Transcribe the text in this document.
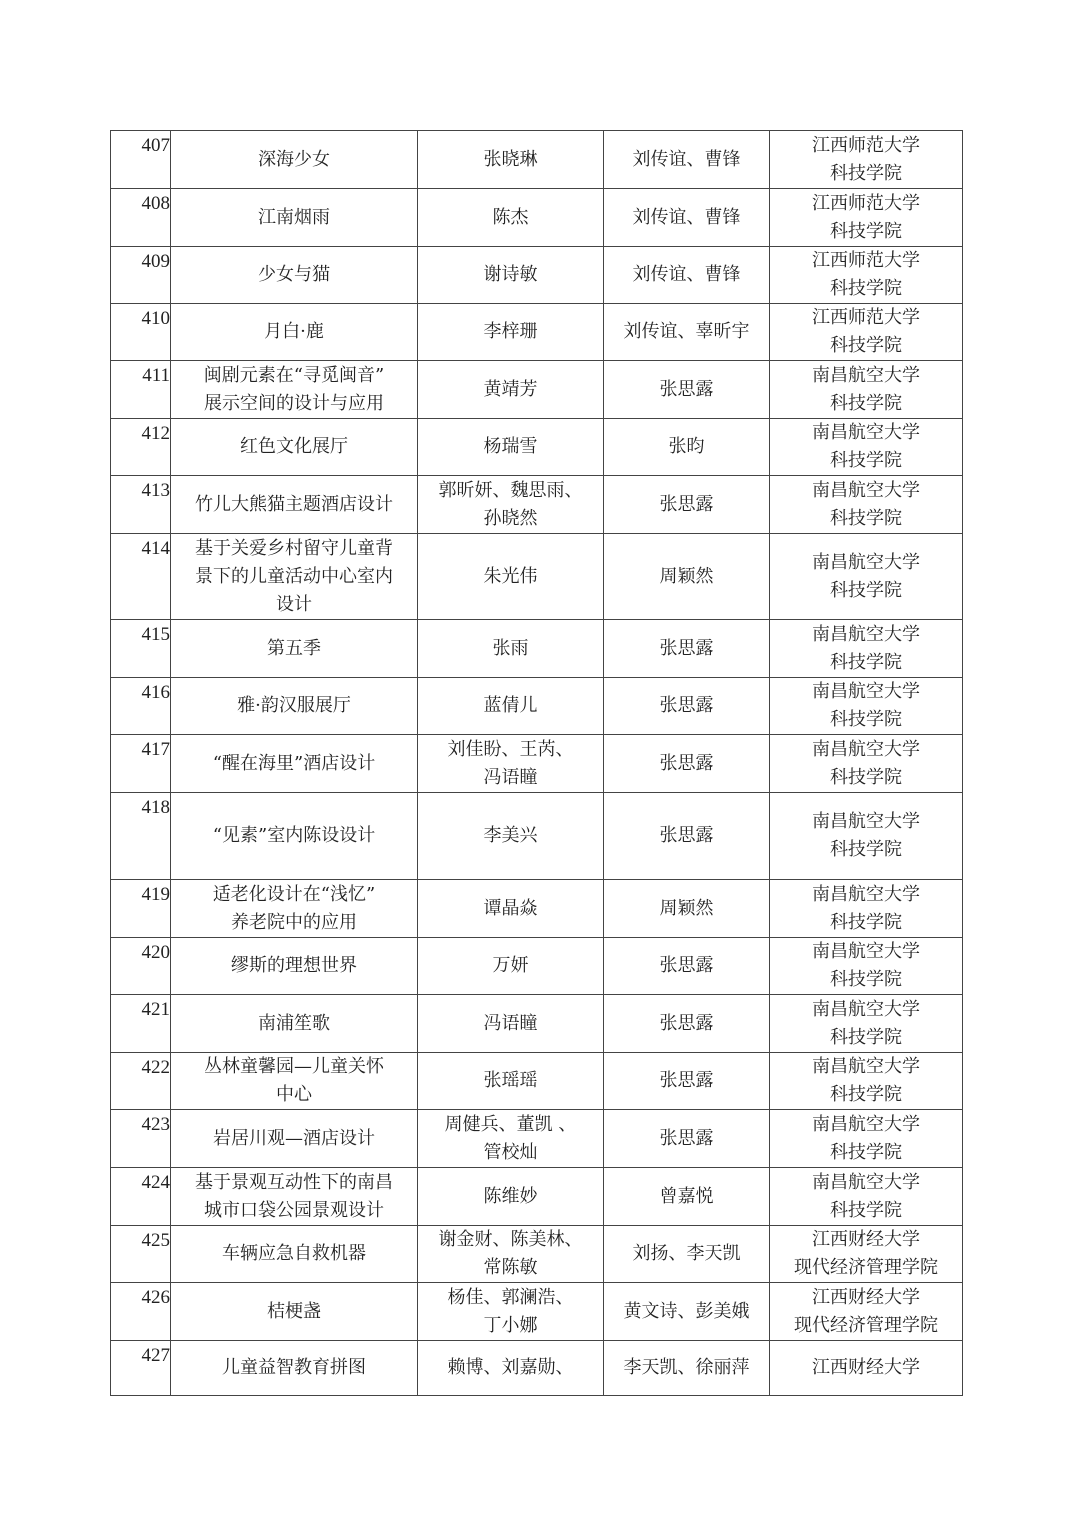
407	深海少女	张晓琳	刘传谊、曹锋	江西师范大学
科技学院

408	江南烟雨	陈杰	刘传谊、曹锋	江西师范大学
科技学院

409	少女与猫	谢诗敏	刘传谊、曹锋	江西师范大学
科技学院

410	月白·鹿	李梓珊	刘传谊、辜昕宇	江西师范大学
科技学院

411	闽剧元素在“寻觅闽音”
展示空间的设计与应用	黄靖芳	张思露	南昌航空大学
科技学院

412	红色文化展厅	杨瑞雪	张昀	南昌航空大学
科技学院

413	竹儿大熊猫主题酒店设计	郭昕妍、魏思雨、
孙晓然	张思露	南昌航空大学
科技学院

414	基于关爱乡村留守儿童背
景下的儿童活动中心室内
设计	朱光伟	周颖然	南昌航空大学
科技学院

415	第五季	张雨	张思露	南昌航空大学
科技学院

416	雅·韵汉服展厅	蓝倩儿	张思露	南昌航空大学
科技学院

417	“醒在海里”酒店设计	刘佳盼、王芮、
冯语瞳	张思露	南昌航空大学
科技学院

418	“见素”室内陈设设计	李美兴	张思露	南昌航空大学
科技学院

419	适老化设计在“浅忆”
养老院中的应用	谭晶焱	周颖然	南昌航空大学
科技学院

420	缪斯的理想世界	万妍	张思露	南昌航空大学
科技学院

421	南浦笙歌	冯语瞳	张思露	南昌航空大学
科技学院

422	丛林童馨园—儿童关怀
中心	张瑶瑶	张思露	南昌航空大学
科技学院

423	岩居川观—酒店设计	周健兵、董凯 、
管校灿	张思露	南昌航空大学
科技学院

424	基于景观互动性下的南昌
城市口袋公园景观设计	陈维妙	曾嘉悦	南昌航空大学
科技学院

425	车辆应急自救机器	谢金财、陈美林、
常陈敏	刘扬、李天凯	江西财经大学
现代经济管理学院

426	桔梗盏	杨佳、郭澜浩、
丁小娜	黄文诗、彭美娥	江西财经大学
现代经济管理学院

427	儿童益智教育拼图	赖博、刘嘉勋、	李天凯、徐丽萍	江西财经大学
